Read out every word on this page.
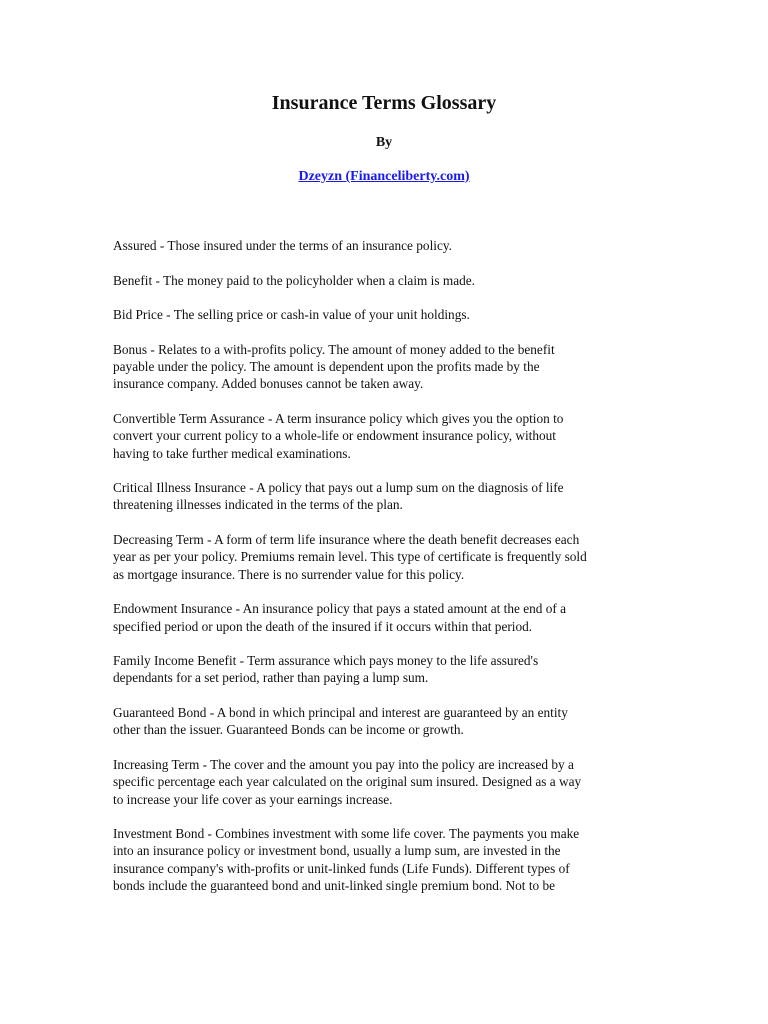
Insurance Terms Glossary
By
Dzeyzn (Financeliberty.com)
Assured - Those insured under the terms of an insurance policy.
Benefit - The money paid to the policyholder when a claim is made.
Bid Price - The selling price or cash-in value of your unit holdings.
Bonus - Relates to a with-profits policy. The amount of money added to the benefit
payable under the policy. The amount is dependent upon the profits made by the
insurance company. Added bonuses cannot be taken away.
Convertible Term Assurance - A term insurance policy which gives you the option to
convert your current policy to a whole-life or endowment insurance policy, without
having to take further medical examinations.
Critical Illness Insurance - A policy that pays out a lump sum on the diagnosis of life
threatening illnesses indicated in the terms of the plan.
Decreasing Term - A form of term life insurance where the death benefit decreases each
year as per your policy. Premiums remain level. This type of certificate is frequently sold
as mortgage insurance. There is no surrender value for this policy.
Endowment Insurance - An insurance policy that pays a stated amount at the end of a
specified period or upon the death of the insured if it occurs within that period.
Family Income Benefit - Term assurance which pays money to the life assured's
dependants for a set period, rather than paying a lump sum.
Guaranteed Bond - A bond in which principal and interest are guaranteed by an entity
other than the issuer. Guaranteed Bonds can be income or growth.
Increasing Term - The cover and the amount you pay into the policy are increased by a
specific percentage each year calculated on the original sum insured. Designed as a way
to increase your life cover as your earnings increase.
Investment Bond - Combines investment with some life cover. The payments you make
into an insurance policy or investment bond, usually a lump sum, are invested in the
insurance company's with-profits or unit-linked funds (Life Funds). Different types of
bonds include the guaranteed bond and unit-linked single premium bond. Not to be
